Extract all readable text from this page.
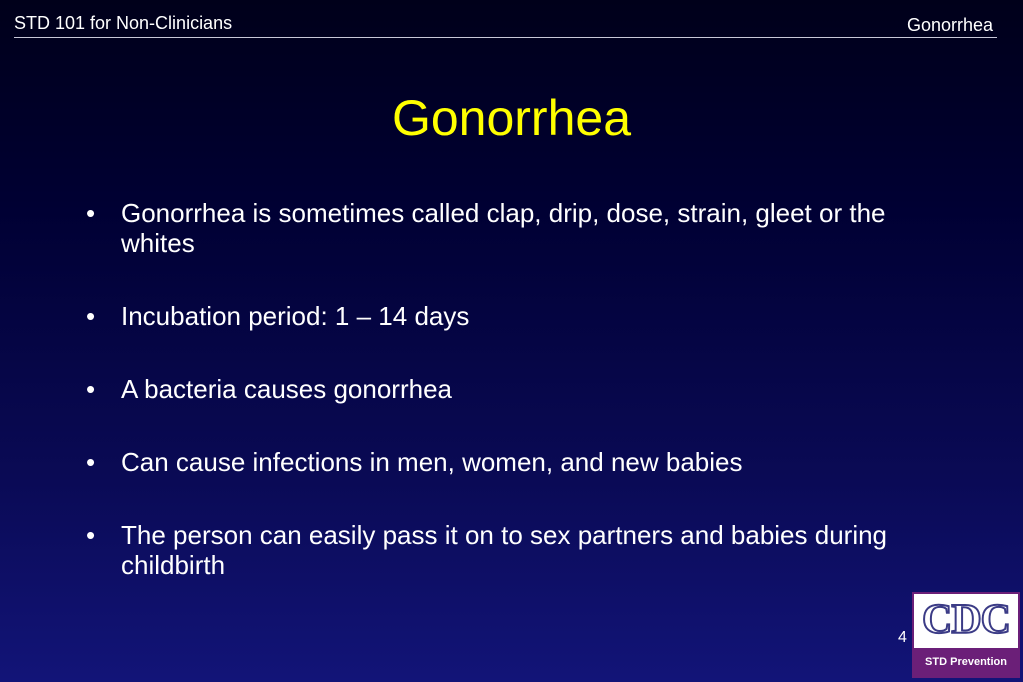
STD 101 for Non-Clinicians	Gonorrhea
Gonorrhea
• Gonorrhea is sometimes called clap, drip, dose, strain, gleet or the whites
• Incubation period: 1 – 14 days
• A bacteria causes gonorrhea
• Can cause infections in men, women, and new babies
• The person can easily pass it on to sex partners and babies during childbirth
4 CDC
STD Prevention
